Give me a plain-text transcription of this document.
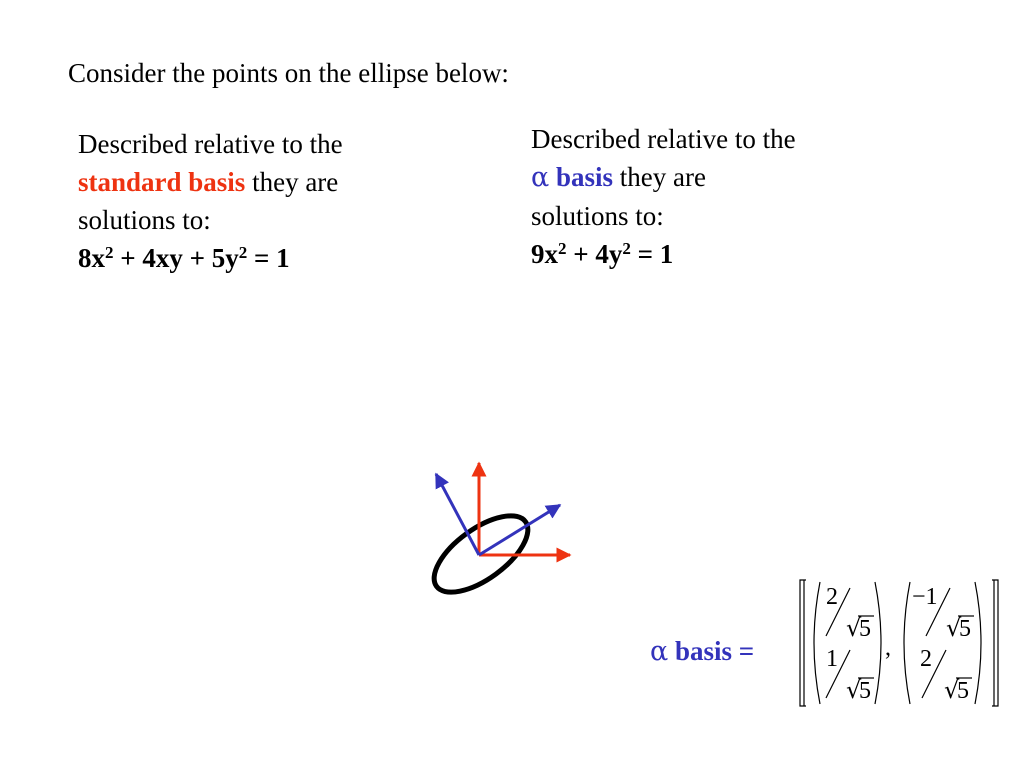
Consider the points on the ellipse below:
Described relative to the
standard basis they are
solutions to:
$8x^2 + 4xy + 5y^2 = 1$
Described relative to the
α basis they are
solutions to:
$9x^2 + 4y^2 = 1$
α basis =
2
√
5
1
√
5
,
−1
√
5
2
√
5
